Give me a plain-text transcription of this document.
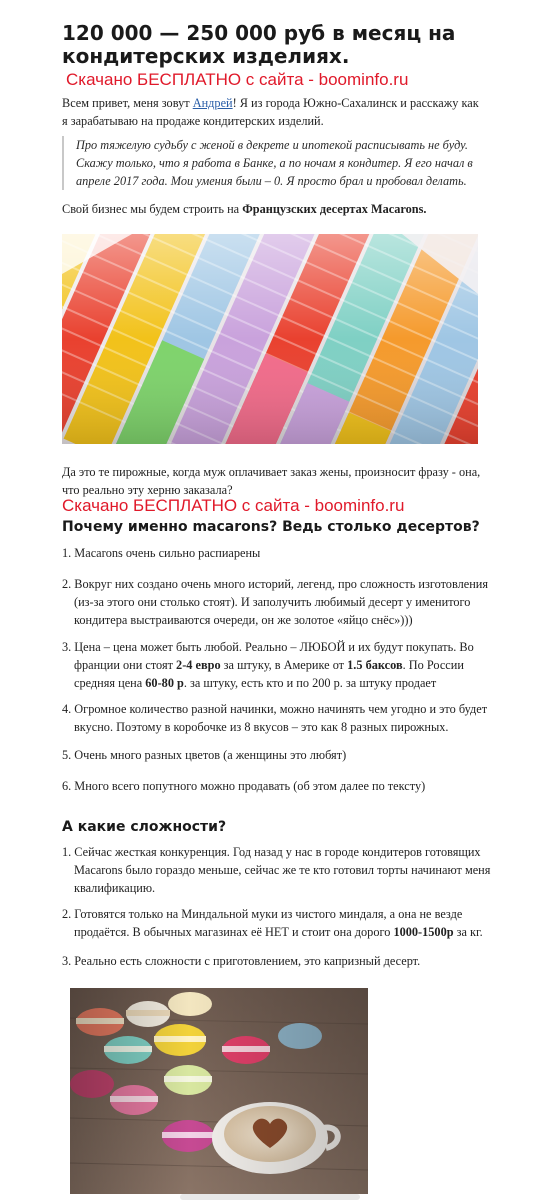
120 000 — 250 000 руб в месяц на кондитерских изделиях.
Скачано БЕСПЛАТНО с сайта - boominfo.ru

Всем привет, меня зовут Андрей! Я из города Южно-Сахалинск и расскажу как я зарабатываю на продаже кондитерских изделий.

Про тяжелую судьбу с женой в декрете и ипотекой расписывать не буду. Скажу только, что я работа в Банке, а по ночам я кондитер. Я его начал в апреле 2017 года. Мои умения были – 0. Я просто брал и пробовал делать.

Свой бизнес мы будем строить на Французских десертах Macarons.

Да это те пирожные, когда муж оплачивает заказ жены, произносит фразу - она, что реально эту херню заказала?

Скачано БЕСПЛАТНО с сайта - boominfo.ru
Почему именно macarons? Ведь столько десертов?
1. Macarons очень сильно распиарены
2. Вокруг них создано очень много историй, легенд, про сложность изготовления (из-за этого они столько стоят). И заполучить любимый десерт у именитого кондитера выстраиваются очереди, он же золотое «яйцо снёс»)))
3. Цена – цена может быть любой. Реально – ЛЮБОЙ и их будут покупать. Во франции они стоят 2-4 евро за штуку, в Америке от 1.5 баксов. По России средняя цена 60-80 р. за штуку, есть кто и по 200 р. за штуку продает
4. Огромное количество разной начинки, можно начинять чем угодно и это будет вкусно. Поэтому в коробочке из 8 вкусов – это как 8 разных пирожных.
5. Очень много разных цветов (а женщины это любят)
6. Много всего попутного можно продавать (об этом далее по тексту)
А какие сложности?
1. Сейчас жесткая конкуренция. Год назад у нас в городе кондитеров готовящих Macarons было гораздо меньше, сейчас же те кто готовил торты начинают меня квалификацию.
2. Готовятся только на Миндальной муки из чистого миндаля, а она не везде продаётся. В обычных магазинах её НЕТ и стоит она дорого 1000-1500р за кг.
3. Реально есть сложности с приготовлением, это капризный десерт.
